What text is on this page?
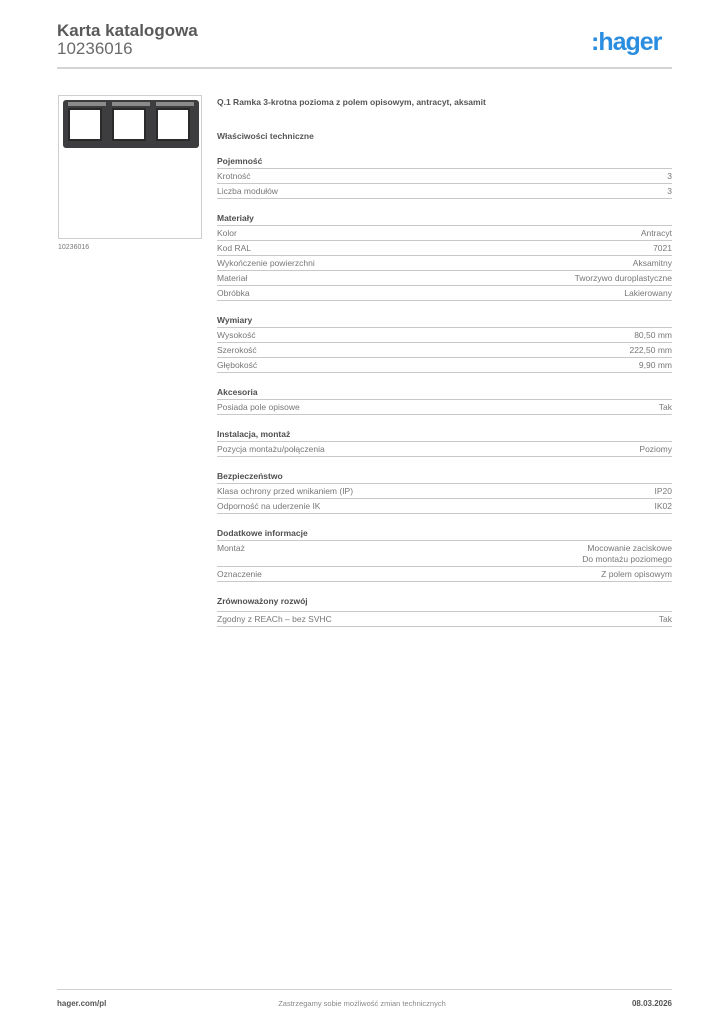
Karta katalogowa
10236016	:hager
10236016
Q.1 Ramka 3-krotna pozioma z polem opisowym, antracyt, aksamit
Właściwości techniczne
Pojemność
Krotność	3
Liczba modułów	3
Materiały
Kolor	Antracyt
Kod RAL	7021
Wykończenie powierzchni	Aksamitny
Materiał	Tworzywo duroplastyczne
Obróbka	Lakierowany
Wymiary
Wysokość	80,50 mm
Szerokość	222,50 mm
Głębokość	9,90 mm
Akcesoria
Posiada pole opisowe	Tak
Instalacja, montaż
Pozycja montażu/połączenia	Poziomy
Bezpieczeństwo
Klasa ochrony przed wnikaniem (IP)	IP20
Odporność na uderzenie IK	IK02
Dodatkowe informacje
Montaż	Mocowanie zaciskowe
Do montażu poziomego
Oznaczenie	Z polem opisowym
Zrównoważony rozwój
Zgodny z REACh – bez SVHC	Tak
hager.com/pl	Zastrzegamy sobie możliwość zmian technicznych	08.03.2026
